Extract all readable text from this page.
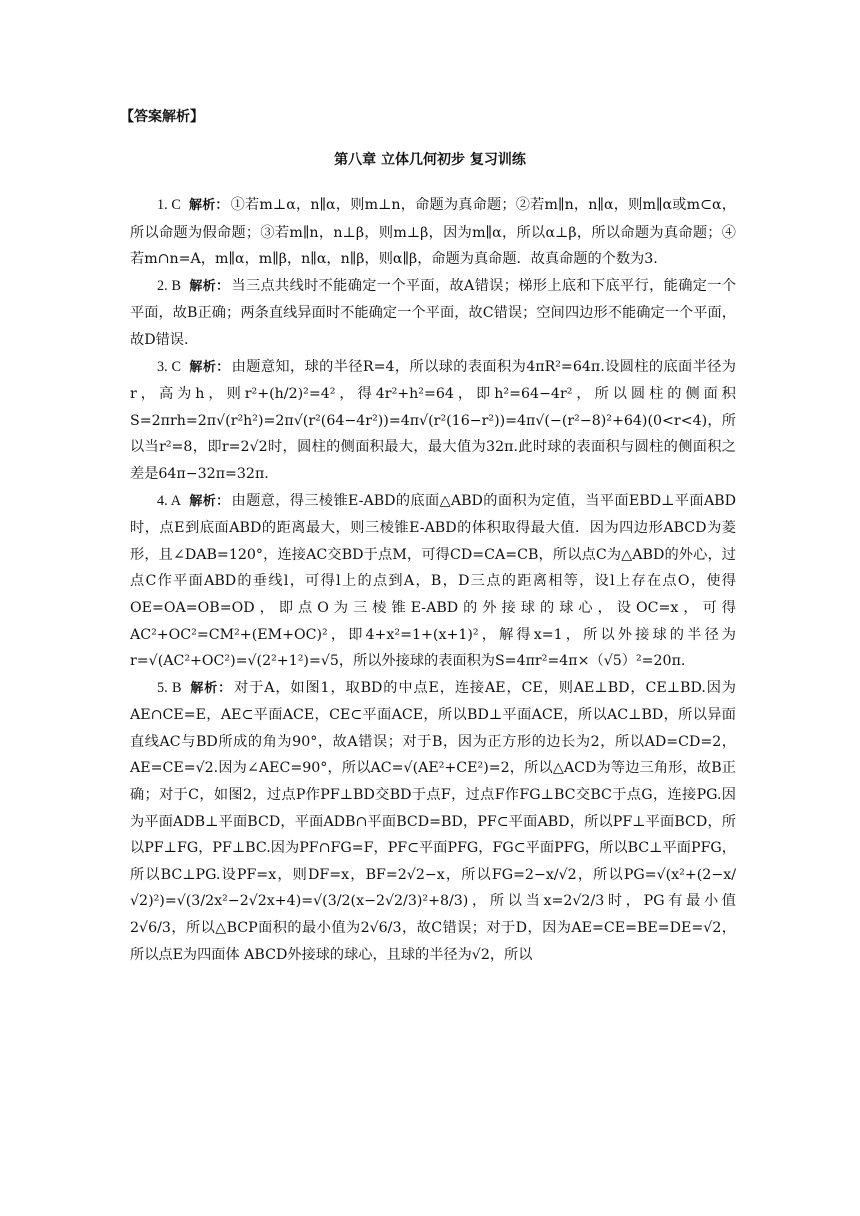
【答案解析】
第八章 立体几何初步 复习训练

1. C 解析： ①若m⊥α，n∥α，则m⊥n，命题为真命题；②若m∥n，n∥α，则m∥α或m⊂α，所以命题为假命题；③若m∥n，n⊥β，则m⊥β，因为m∥α，所以α⊥β，所以命题为真命题；④若m∩n=A，m∥α，m∥β，n∥α，n∥β，则α∥β，命题为真命题．故真命题的个数为3.

2. B 解析： 当三点共线时不能确定一个平面，故A错误；梯形上底和下底平行，能确定一个平面，故B正确；两条直线异面时不能确定一个平面，故C错误；空间四边形不能确定一个平面，故D错误.

3. C 解析： 由题意知，球的半径R=4，所以球的表面积为4πR²=64π.设圆柱的底面半径为r，高为h，则r²+(h/2)²=4²，得4r²+h²=64，即h²=64−4r²，所以圆柱的侧面积S=2πrh=2π√(r²h²)=2π√(r²(64−4r²))=4π√(r²(16−r²))=4π√(−(r²−8)²+64)(0<r<4)，所以当r²=8，即r=2√2时，圆柱的侧面积最大，最大值为32π.此时球的表面积与圆柱的侧面积之差是64π−32π=32π.

4. A 解析： 由题意，得三棱锥E-ABD的底面△ABD的面积为定值，当平面EBD⊥平面ABD时，点E到底面ABD的距离最大，则三棱锥E-ABD的体积取得最大值．因为四边形ABCD为菱形，且∠DAB=120°，连接AC交BD于点M，可得CD=CA=CB，所以点C为△ABD的外心，过点C作平面ABD的垂线l，可得l上的点到A，B，D三点的距离相等，设l上存在点O，使得OE=OA=OB=OD，即点O为三棱锥E-ABD的外接球的球心，设OC=x，可得AC²+OC²=CM²+(EM+OC)²，即4+x²=1+(x+1)²，解得x=1，所以外接球的半径为r=√(AC²+OC²)=√(2²+1²)=√5，所以外接球的表面积为S=4πr²=4π×（√5）²=20π.

5. B 解析： 对于A，如图1，取BD的中点E，连接AE，CE，则AE⊥BD，CE⊥BD.因为AE∩CE=E，AE⊂平面ACE，CE⊂平面ACE，所以BD⊥平面ACE，所以AC⊥BD，所以异面直线AC与BD所成的角为90°，故A错误；对于B，因为正方形的边长为2，所以AD=CD=2，AE=CE=√2.因为∠AEC=90°，所以AC=√(AE²+CE²)=2，所以△ACD为等边三角形，故B正确；对于C，如图2，过点P作PF⊥BD交BD于点F，过点F作FG⊥BC交BC于点G，连接PG.因为平面ADB⊥平面BCD，平面ADB∩平面BCD=BD，PF⊂平面ABD，所以PF⊥平面BCD，所以PF⊥FG，PF⊥BC.因为PF∩FG=F，PF⊂平面PFG，FG⊂平面PFG，所以BC⊥平面PFG，所以BC⊥PG.设PF=x，则DF=x，BF=2√2−x，所以FG=2−x/√2，所以PG=√(x²+(2−x/√2)²)=√(3/2x²−2√2x+4)=√(3/2(x−2√2/3)²+8/3)，所以当x=2√2/3时，PG有最小值2√6/3，所以△BCP面积的最小值为2√6/3，故C错误；对于D，因为AE=CE=BE=DE=√2，所以点E为四面体 ABCD外接球的球心，且球的半径为√2，所以
